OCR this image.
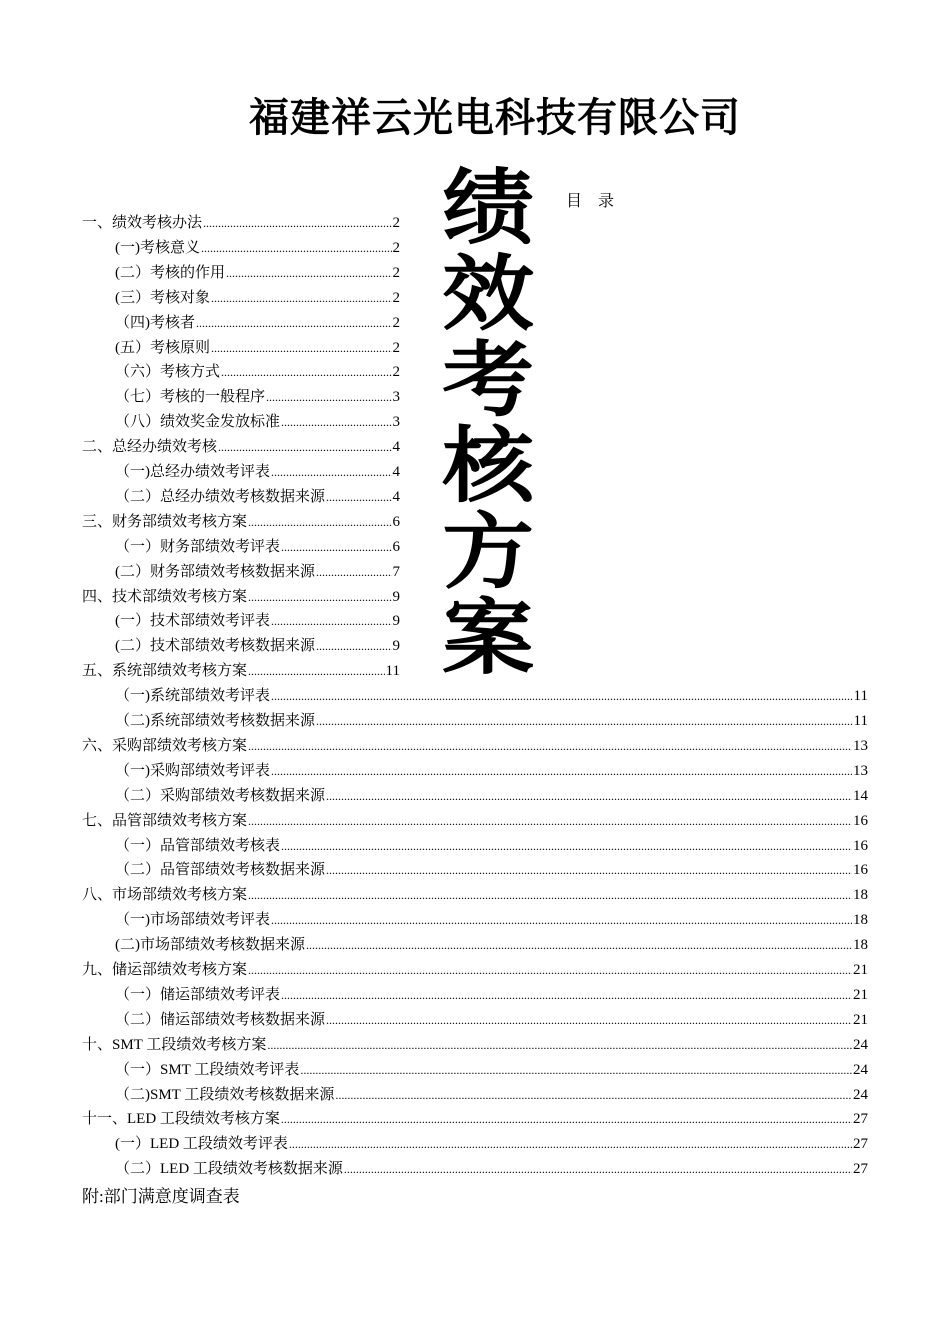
福建祥云光电科技有限公司
目 录
绩
效
考
核
方
案
一、绩效考核办法 .....	2
(一)考核意义 .....	2
(二）考核的作用 .....	2
(三）考核对象 .....	2
（四)考核者 .....	2
(五）考核原则 .....	2
（六）考核方式 .....	2
（七）考核的一般程序 .....	3
（八）绩效奖金发放标准 .....	3
二、总经办绩效考核 .....	4
（一)总经办绩效考评表 .....	4
（二）总经办绩效考核数据来源 .....	4
三、财务部绩效考核方案 .....	6
（一）财务部绩效考评表 .....	6
(二）财务部绩效考核数据来源 .....	7
四、技术部绩效考核方案 .....	9
(一）技术部绩效考评表 .....	9
(二）技术部绩效考核数据来源 .....	9
五、系统部绩效考核方案 .....	11
（一)系统部绩效考评表 .....	11
（二)系统部绩效考核数据来源 .....	11
六、采购部绩效考核方案 .....	13
（一)采购部绩效考评表 .....	13
（二）采购部绩效考核数据来源 .....	14
七、品管部绩效考核方案 .....	16
（一）品管部绩效考核表 .....	16
（二）品管部绩效考核数据来源 .....	16
八、市场部绩效考核方案 .....	18
（一)市场部绩效考评表 .....	18
(二)市场部绩效考核数据来源 .....	18
九、储运部绩效考核方案 .....	21
（一）储运部绩效考评表 .....	21
（二）储运部绩效考核数据来源 .....	21
十、SMT 工段绩效考核方案 .....	24
（一）SMT 工段绩效考评表 .....	24
（二)SMT 工段绩效考核数据来源 .....	24
十一、LED 工段绩效考核方案 .....	27
(一）LED 工段绩效考评表 .....	27
（二）LED 工段绩效考核数据来源 .....	27
附:部门满意度调查表
